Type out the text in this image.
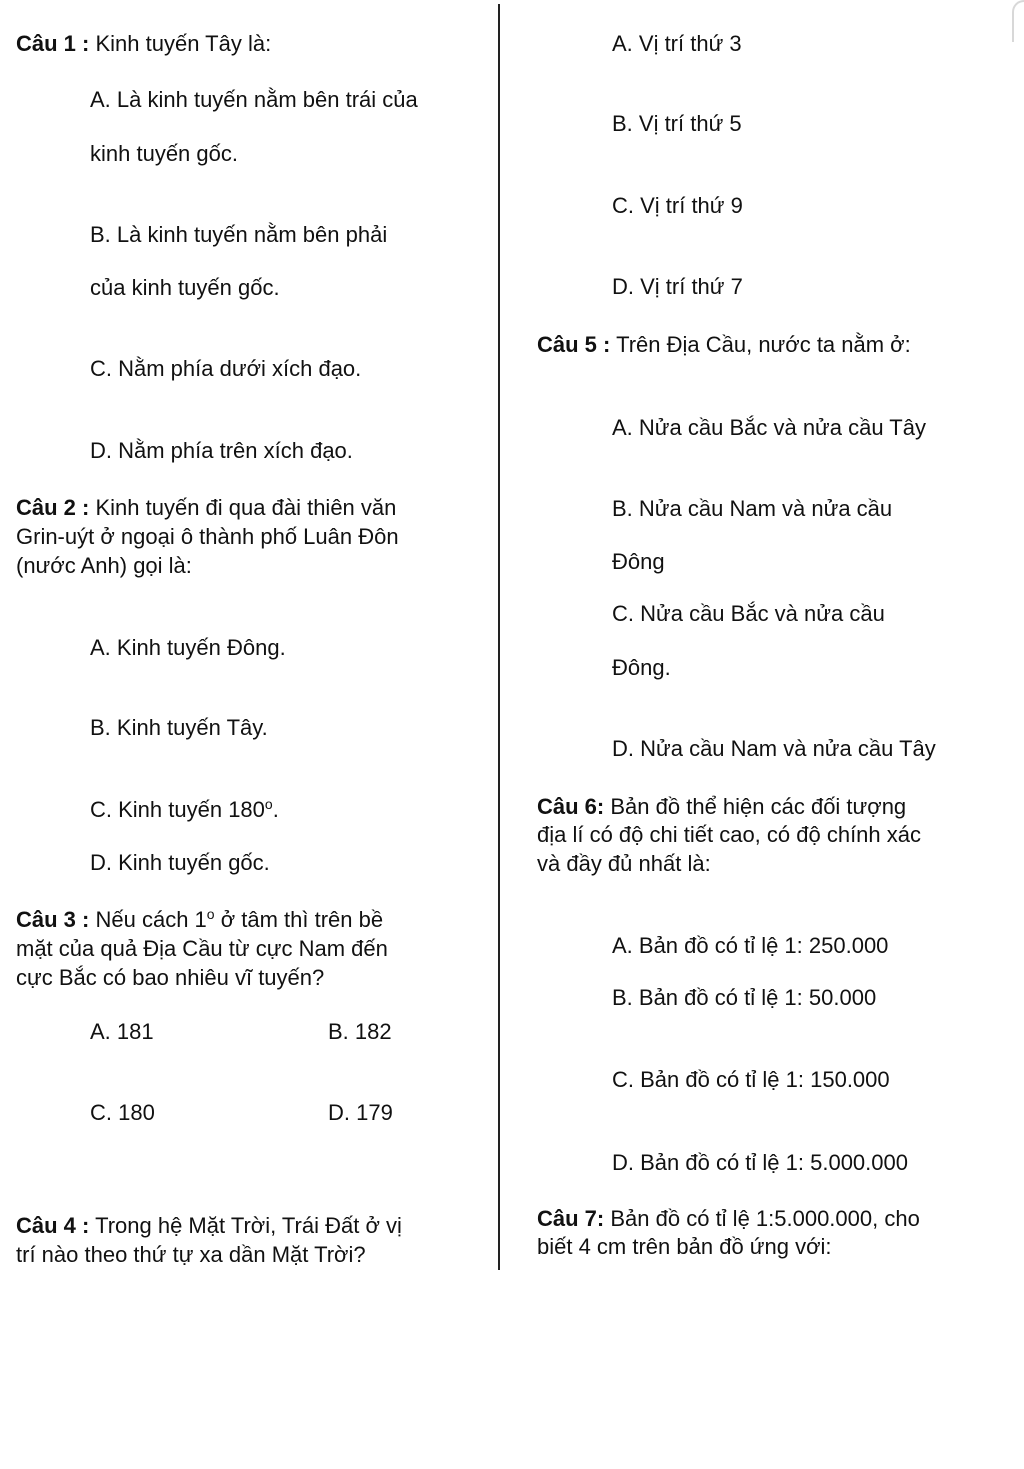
Câu 1 : Kinh tuyến Tây là:
A. Là kinh tuyến nằm bên trái của
kinh tuyến gốc.
B. Là kinh tuyến nằm bên phải
của kinh tuyến gốc.
C. Nằm phía dưới xích đạo.
D. Nằm phía trên xích đạo.
Câu 2 : Kinh tuyến đi qua đài thiên văn
Grin-uýt ở ngoại ô thành phố Luân Đôn
(nước Anh) gọi là:
A. Kinh tuyến Đông.
B. Kinh tuyến Tây.
C. Kinh tuyến 180$^o$.
D. Kinh tuyến gốc.
Câu 3 : Nếu cách 1$^o$ ở tâm thì trên bề
mặt của quả Địa Cầu từ cực Nam đến
cực Bắc có bao nhiêu vĩ tuyến?
A. 181	B. 182
C. 180	D. 179
Câu 4 : Trong hệ Mặt Trời, Trái Đất ở vị
trí nào theo thứ tự xa dần Mặt Trời?
A. Vị trí thứ 3
B. Vị trí thứ 5
C. Vị trí thứ 9
D. Vị trí thứ 7
Câu 5 : Trên Địa Cầu, nước ta nằm ở:
A. Nửa cầu Bắc và nửa cầu Tây
B. Nửa cầu Nam và nửa cầu
Đông
C. Nửa cầu Bắc và nửa cầu
Đông.
D. Nửa cầu Nam và nửa cầu Tây
Câu 6: Bản đồ thể hiện các đối tượng
địa lí có độ chi tiết cao, có độ chính xác
và đầy đủ nhất là:
A. Bản đồ có tỉ lệ 1: 250.000
B. Bản đồ có tỉ lệ 1: 50.000
C. Bản đồ có tỉ lệ 1: 150.000
D. Bản đồ có tỉ lệ 1: 5.000.000
Câu 7: Bản đồ có tỉ lệ 1:5.000.000, cho
biết 4 cm trên bản đồ ứng với:
